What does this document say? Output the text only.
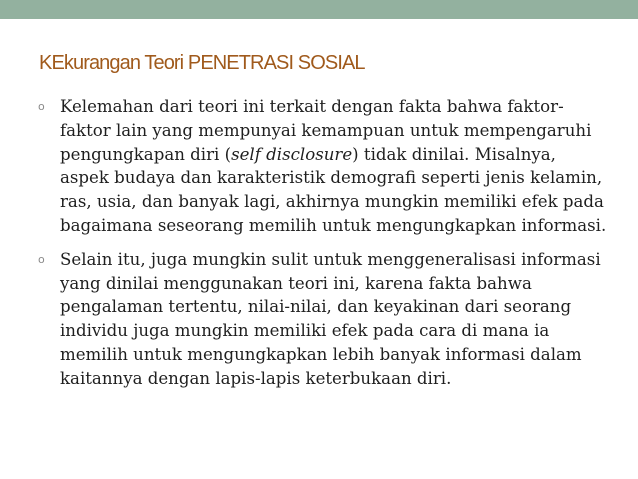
KEkurangan Teori PENETRASI SOSIAL
o Kelemahan dari teori ini terkait dengan fakta bahwa faktor-faktor lain yang mempunyai kemampuan untuk mempengaruhi pengungkapan diri (self disclosure) tidak dinilai. Misalnya, aspek budaya dan karakteristik demografi seperti jenis kelamin, ras, usia, dan banyak lagi, akhirnya mungkin memiliki efek pada bagaimana seseorang memilih untuk mengungkapkan informasi.
o Selain itu, juga mungkin sulit untuk menggeneralisasi informasi yang dinilai menggunakan teori ini, karena fakta bahwa pengalaman tertentu, nilai-nilai, dan keyakinan dari seorang individu juga mungkin memiliki efek pada cara di mana ia memilih untuk mengungkapkan lebih banyak informasi dalam kaitannya dengan lapis-lapis keterbukaan diri.
